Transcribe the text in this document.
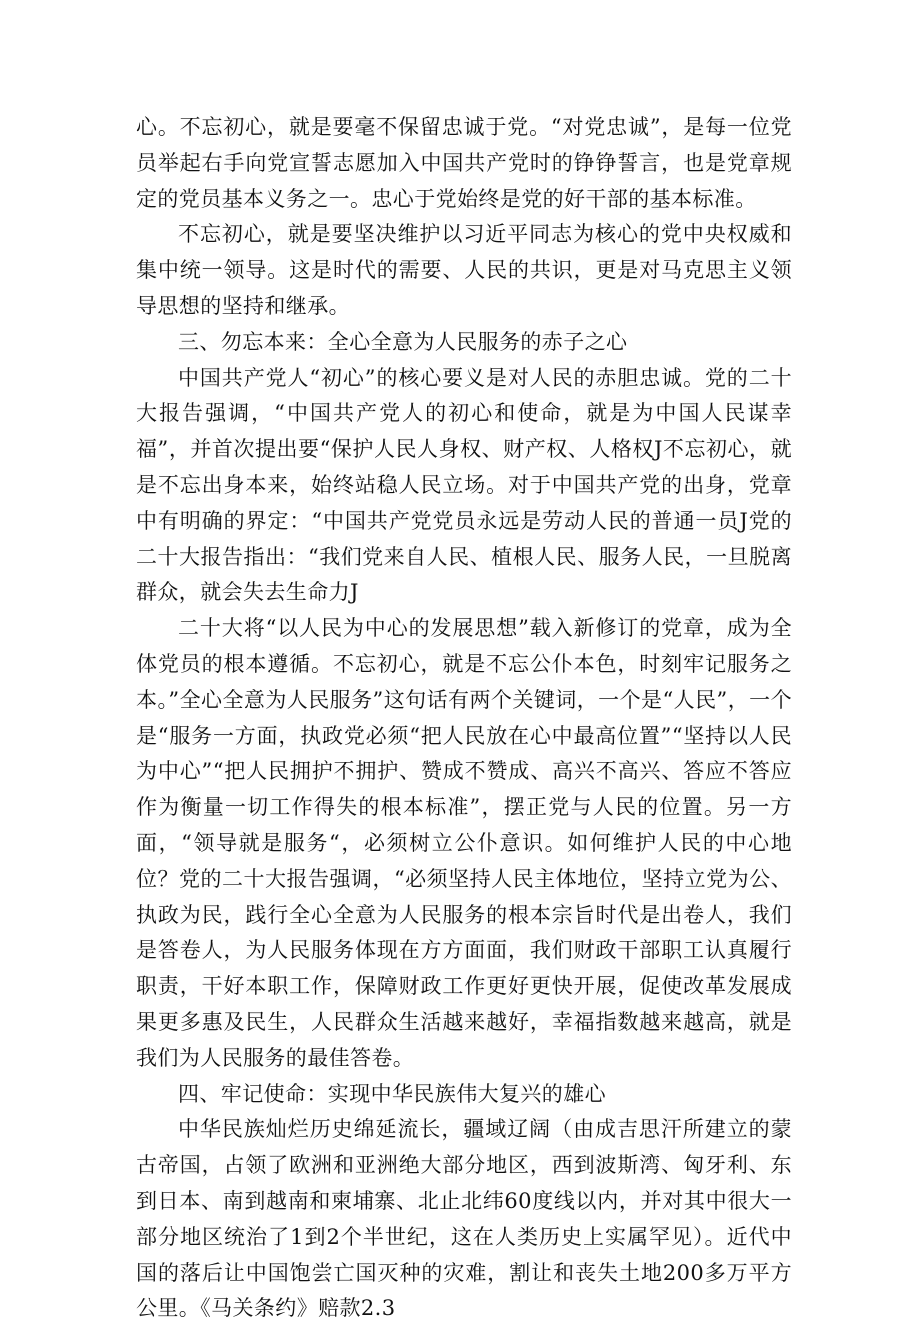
心。不忘初心，就是要毫不保留忠诚于党。“对党忠诚”，是每一位党员举起右手向党宣誓志愿加入中国共产党时的铮铮誓言，也是党章规定的党员基本义务之一。忠心于党始终是党的好干部的基本标准。

不忘初心，就是要坚决维护以习近平同志为核心的党中央权威和集中统一领导。这是时代的需要、人民的共识，更是对马克思主义领导思想的坚持和继承。

三、勿忘本来：全心全意为人民服务的赤子之心

中国共产党人“初心”的核心要义是对人民的赤胆忠诚。党的二十大报告强调，“中国共产党人的初心和使命，就是为中国人民谋幸福”，并首次提出要“保护人民人身权、财产权、人格权J不忘初心，就是不忘出身本来，始终站稳人民立场。对于中国共产党的出身，党章中有明确的界定：“中国共产党党员永远是劳动人民的普通一员J党的二十大报告指出：“我们党来自人民、植根人民、服务人民，一旦脱离群众，就会失去生命力J

二十大将“以人民为中心的发展思想”载入新修订的党章，成为全体党员的根本遵循。不忘初心，就是不忘公仆本色，时刻牢记服务之本。”全心全意为人民服务”这句话有两个关键词，一个是“人民”，一个是“服务一方面，执政党必须“把人民放在心中最高位置”“坚持以人民为中心”“把人民拥护不拥护、赞成不赞成、高兴不高兴、答应不答应作为衡量一切工作得失的根本标准”，摆正党与人民的位置。另一方面，“领导就是服务“，必须树立公仆意识。如何维护人民的中心地位？党的二十大报告强调，“必须坚持人民主体地位，坚持立党为公、执政为民，践行全心全意为人民服务的根本宗旨时代是出卷人，我们是答卷人，为人民服务体现在方方面面，我们财政干部职工认真履行职责，干好本职工作，保障财政工作更好更快开展，促使改革发展成果更多惠及民生，人民群众生活越来越好，幸福指数越来越高，就是我们为人民服务的最佳答卷。

四、牢记使命：实现中华民族伟大复兴的雄心

中华民族灿烂历史绵延流长，疆域辽阔（由成吉思汗所建立的蒙古帝国，占领了欧洲和亚洲绝大部分地区，西到波斯湾、匈牙利、东到日本、南到越南和柬埔寨、北止北纬60度线以内，并对其中很大一部分地区统治了1到2个半世纪，这在人类历史上实属罕见）。近代中国的落后让中国饱尝亡国灭种的灾难，割让和丧失土地200多万平方公里。《马关条约》赔款2.3
